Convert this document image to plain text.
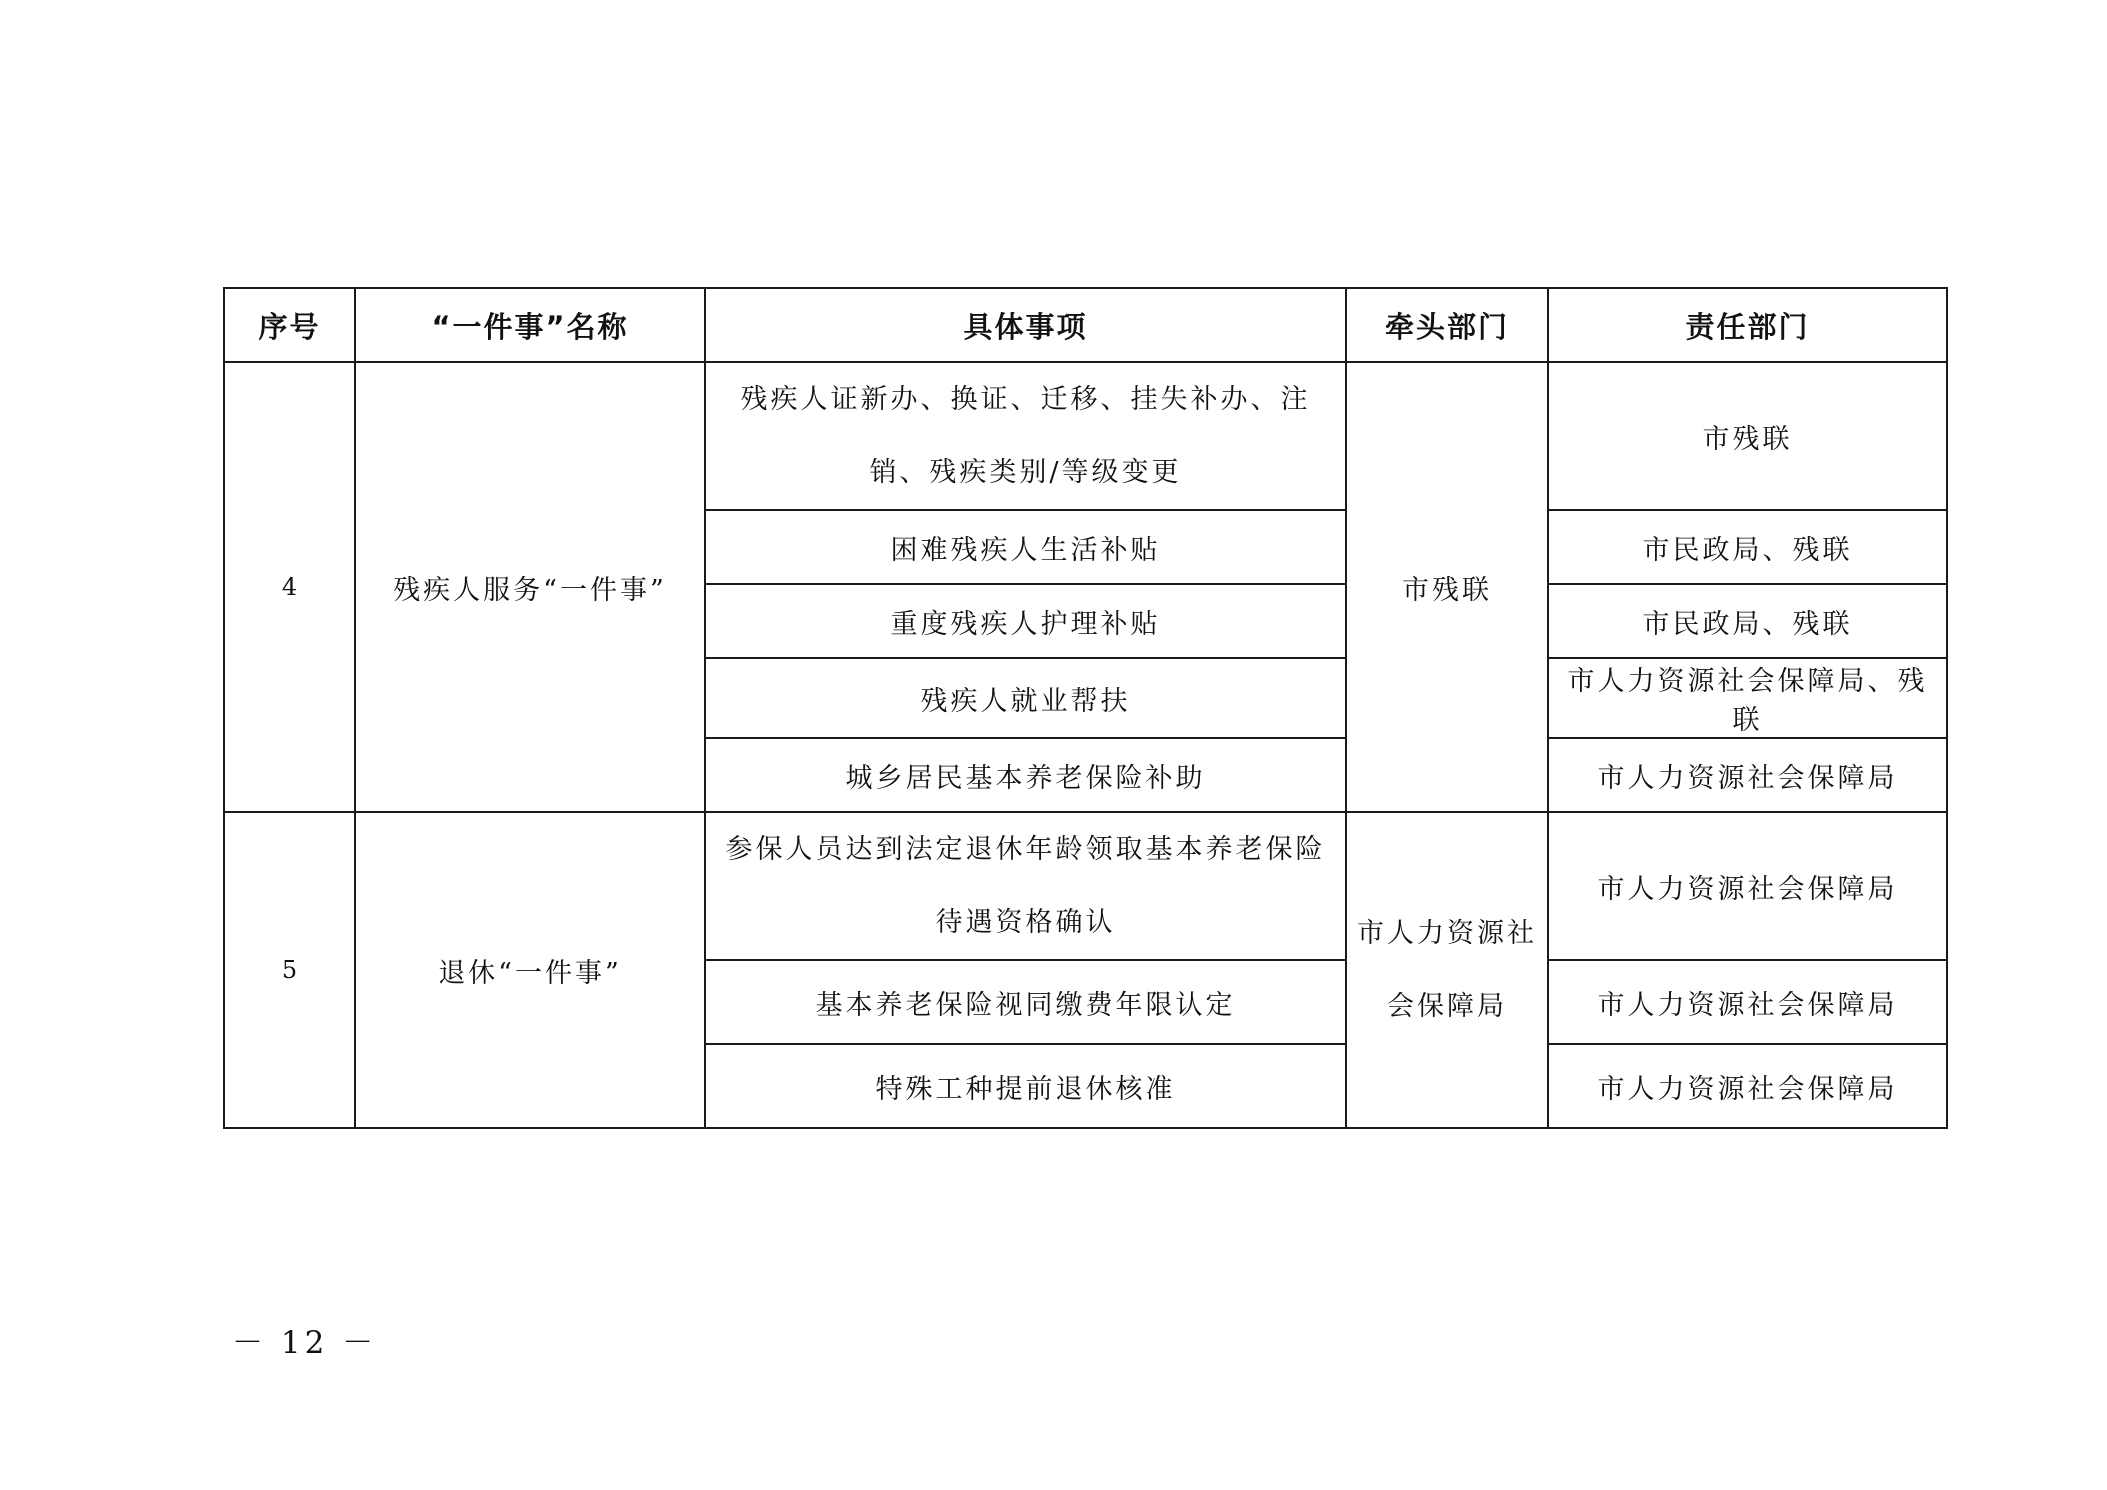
序号	“一件事”名称	具体事项	牵头部门	责任部门
4	残疾人服务“一件事”	残疾人证新办、换证、迁移、挂失补办、注销、残疾类别/等级变更	市残联	市残联
		困难残疾人生活补贴		市民政局、残联
		重度残疾人护理补贴		市民政局、残联
		残疾人就业帮扶		市人力资源社会保障局、残联
		城乡居民基本养老保险补助		市人力资源社会保障局
5	退休“一件事”	参保人员达到法定退休年龄领取基本养老保险待遇资格确认	市人力资源社会保障局	市人力资源社会保障局
		基本养老保险视同缴费年限认定		市人力资源社会保障局
		特殊工种提前退休核准		市人力资源社会保障局
－ 12 －
